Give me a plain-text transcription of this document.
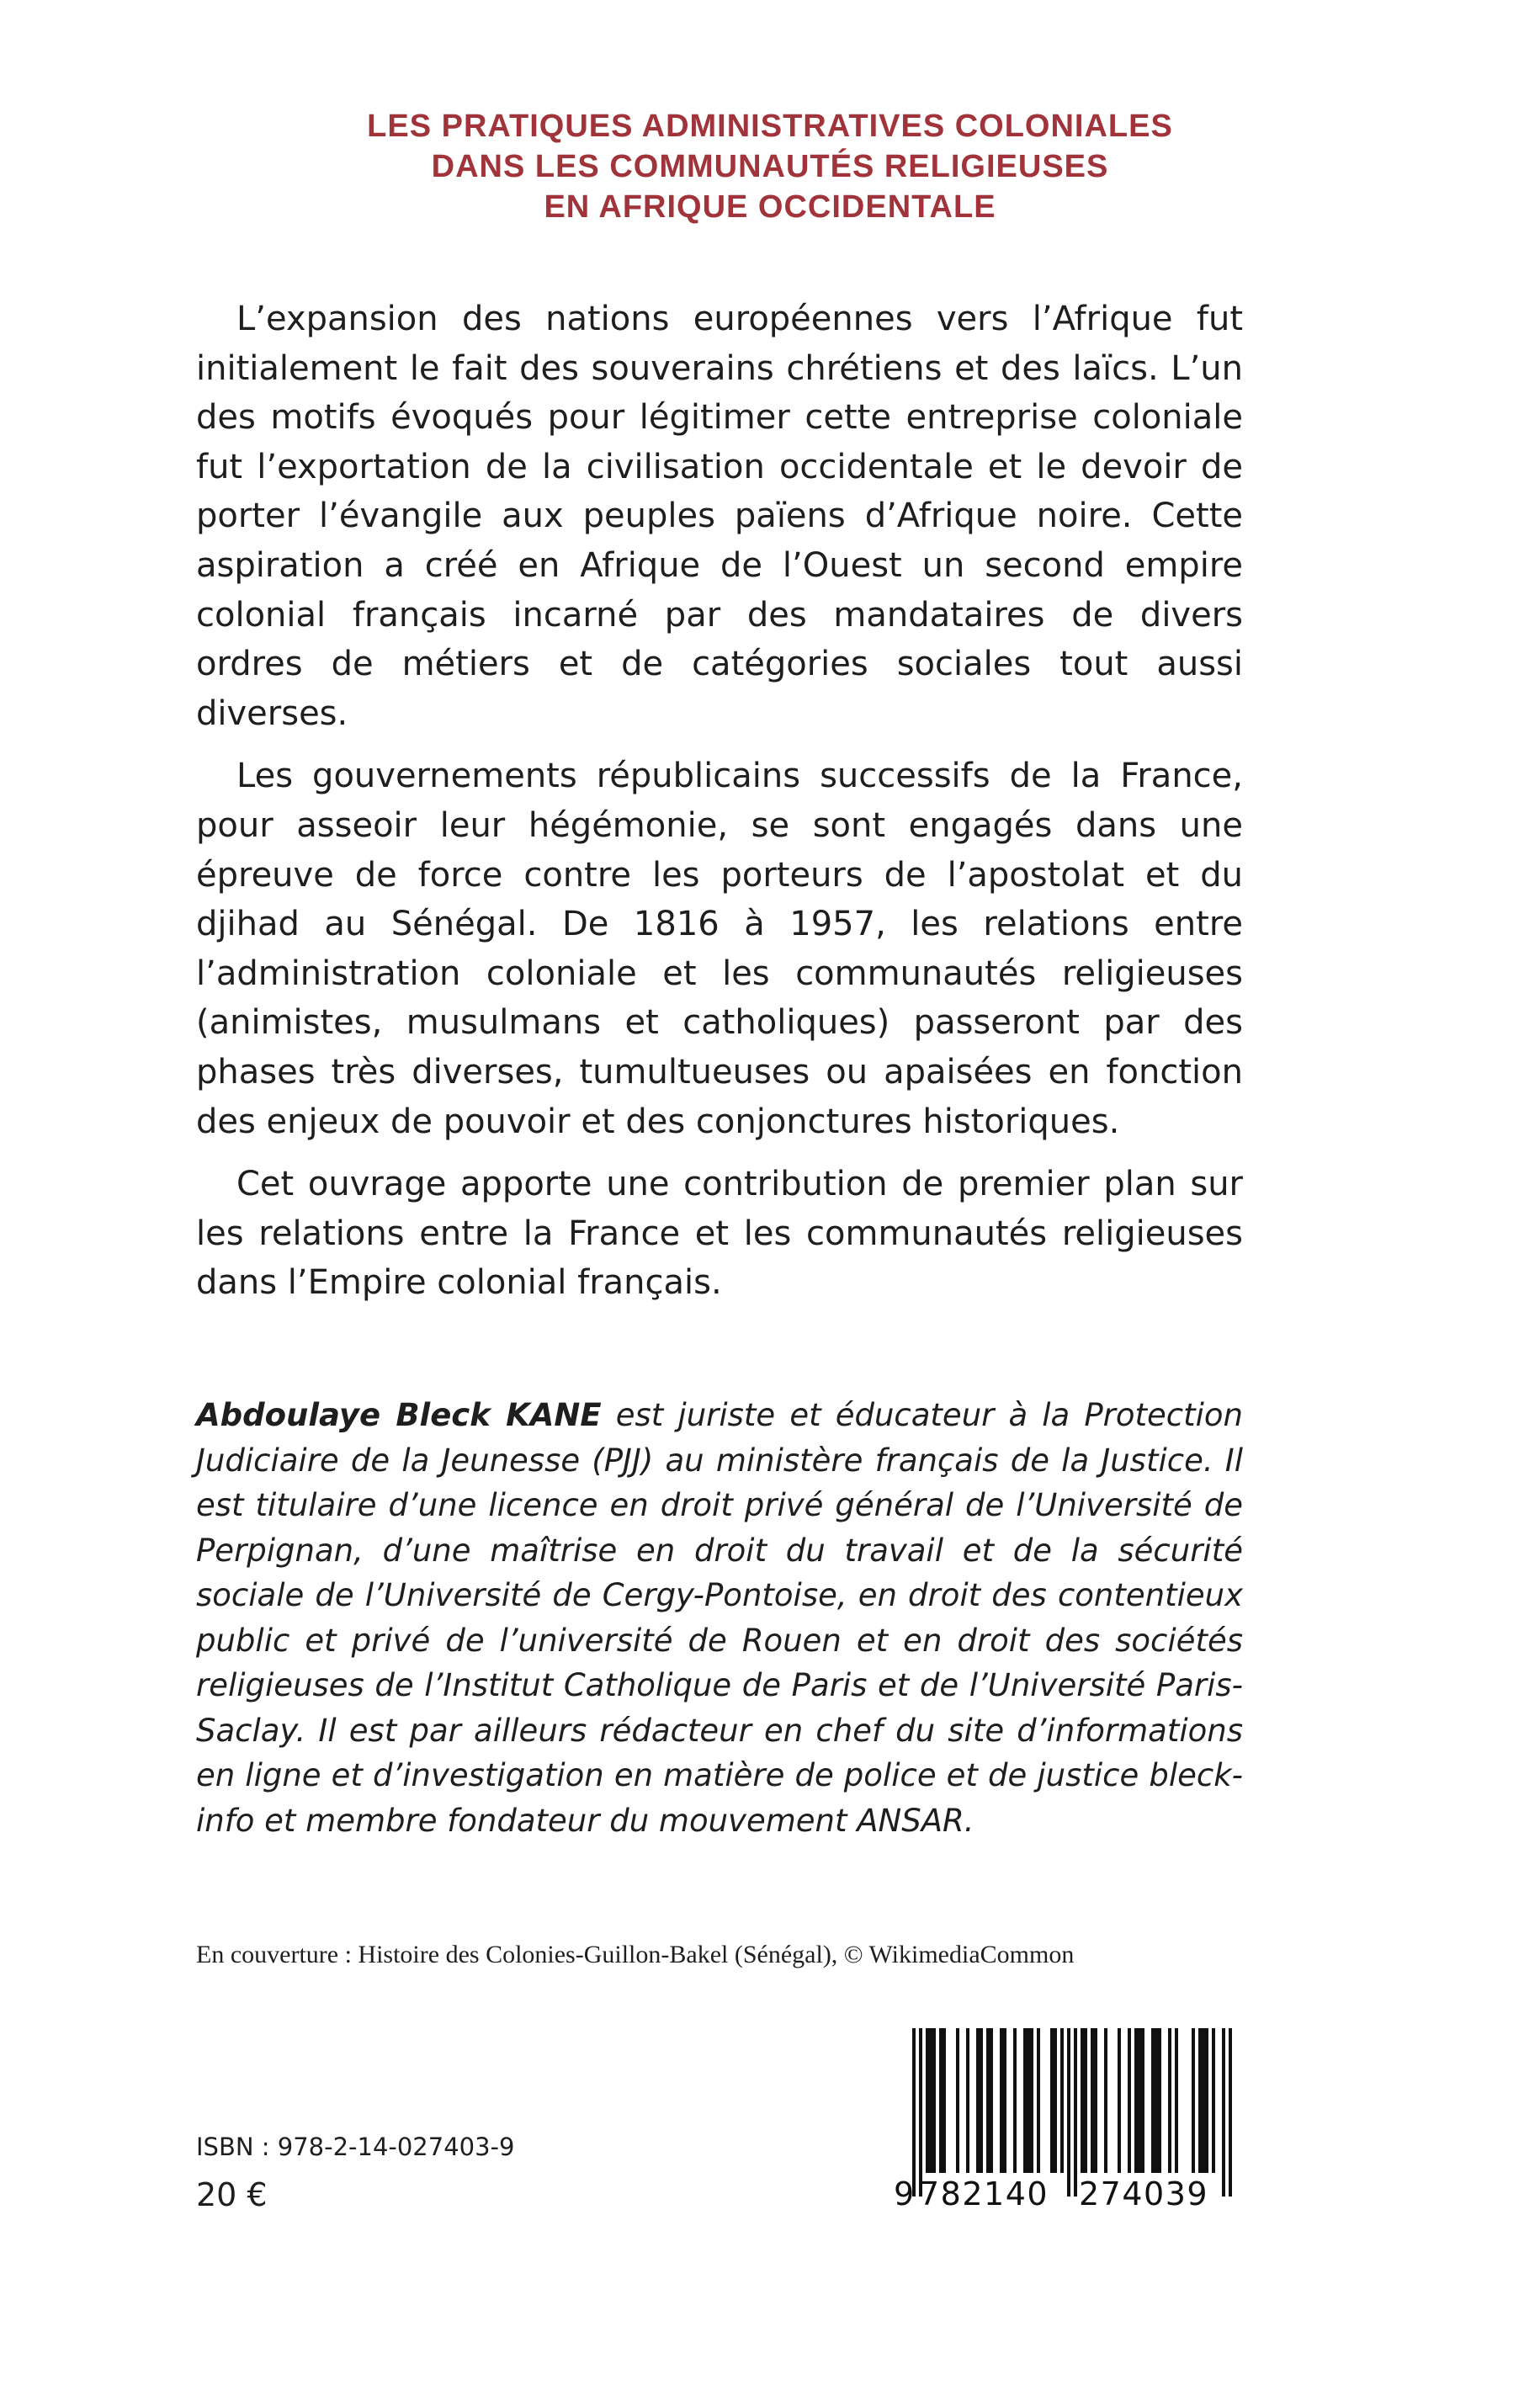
LES PRATIQUES ADMINISTRATIVES COLONIALES
DANS LES COMMUNAUTÉS RELIGIEUSES
EN AFRIQUE OCCIDENTALE

L’expansion des nations européennes vers l’Afrique fut initialement le fait des souverains chrétiens et des laïcs. L’un des motifs évoqués pour légitimer cette entreprise coloniale fut l’exportation de la civilisation occidentale et le devoir de porter l’évangile aux peuples païens d’Afrique noire. Cette aspiration a créé en Afrique de l’Ouest un second empire colonial français incarné par des mandataires de divers ordres de métiers et de catégories sociales tout aussi diverses.

Les gouvernements républicains successifs de la France, pour asseoir leur hégémonie, se sont engagés dans une épreuve de force contre les porteurs de l’apostolat et du djihad au Sénégal. De 1816 à 1957, les relations entre l’administration coloniale et les communautés religieuses (animistes, musulmans et catholiques) passeront par des phases très diverses, tumultueuses ou apaisées en fonction des enjeux de pouvoir et des conjonctures historiques.

Cet ouvrage apporte une contribution de premier plan sur les relations entre la France et les communautés religieuses dans l’Empire colonial français.

Abdoulaye Bleck KANE est juriste et éducateur à la Protection Judiciaire de la Jeunesse (PJJ) au ministère français de la Justice. Il est titulaire d’une licence en droit privé général de l’Université de Perpignan, d’une maîtrise en droit du travail et de la sécurité sociale de l’Université de Cergy-Pontoise, en droit des contentieux public et privé de l’université de Rouen et en droit des sociétés religieuses de l’Institut Catholique de Paris et de l’Université Paris-Saclay. Il est par ailleurs rédacteur en chef du site d’informations en ligne et d’investigation en matière de police et de justice bleck-info et membre fondateur du mouvement ANSAR.
En couverture : Histoire des Colonies-Guillon-Bakel (Sénégal), © WikimediaCommon
ISBN : 978-2-14-027403-9
20 €	9 782140 274039
